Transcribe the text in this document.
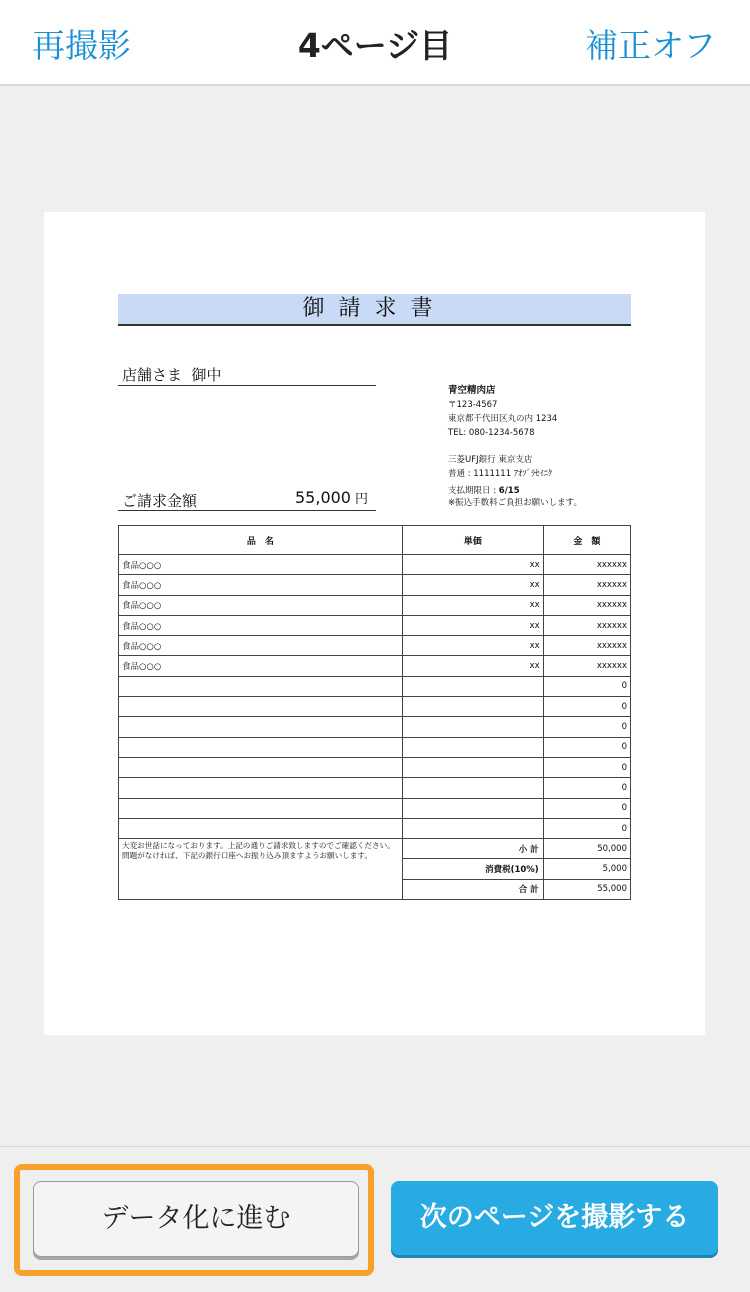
再撮影	4ページ目	補正オフ
御請求書
店舗さま  御中
青空精肉店
〒123-4567
東京都千代田区丸の内 1234
TEL: 080-1234-5678
三菱UFJ銀行 東京支店
普通 : 1111111 ｱｵｿﾞﾗｾｲﾆｸ
支払期限日 : 6/15
※振込手数料ご負担お願いします。
ご請求金額	55,000 円
品　名	単価	金　額
食品○○○	xx	xxxxxx
食品○○○	xx	xxxxxx
食品○○○	xx	xxxxxx
食品○○○	xx	xxxxxx
食品○○○	xx	xxxxxx
食品○○○	xx	xxxxxx
		0
		0
		0
		0
		0
		0
		0
		0
大変お世話になっております。上記の通りご請求致しますのでご確認ください。
問題がなければ、下記の銀行口座へお振り込み頂ますようお願いします。	小 計	50,000
	消費税(10%)	5,000
	合 計	55,000
データ化に進む	次のページを撮影する
